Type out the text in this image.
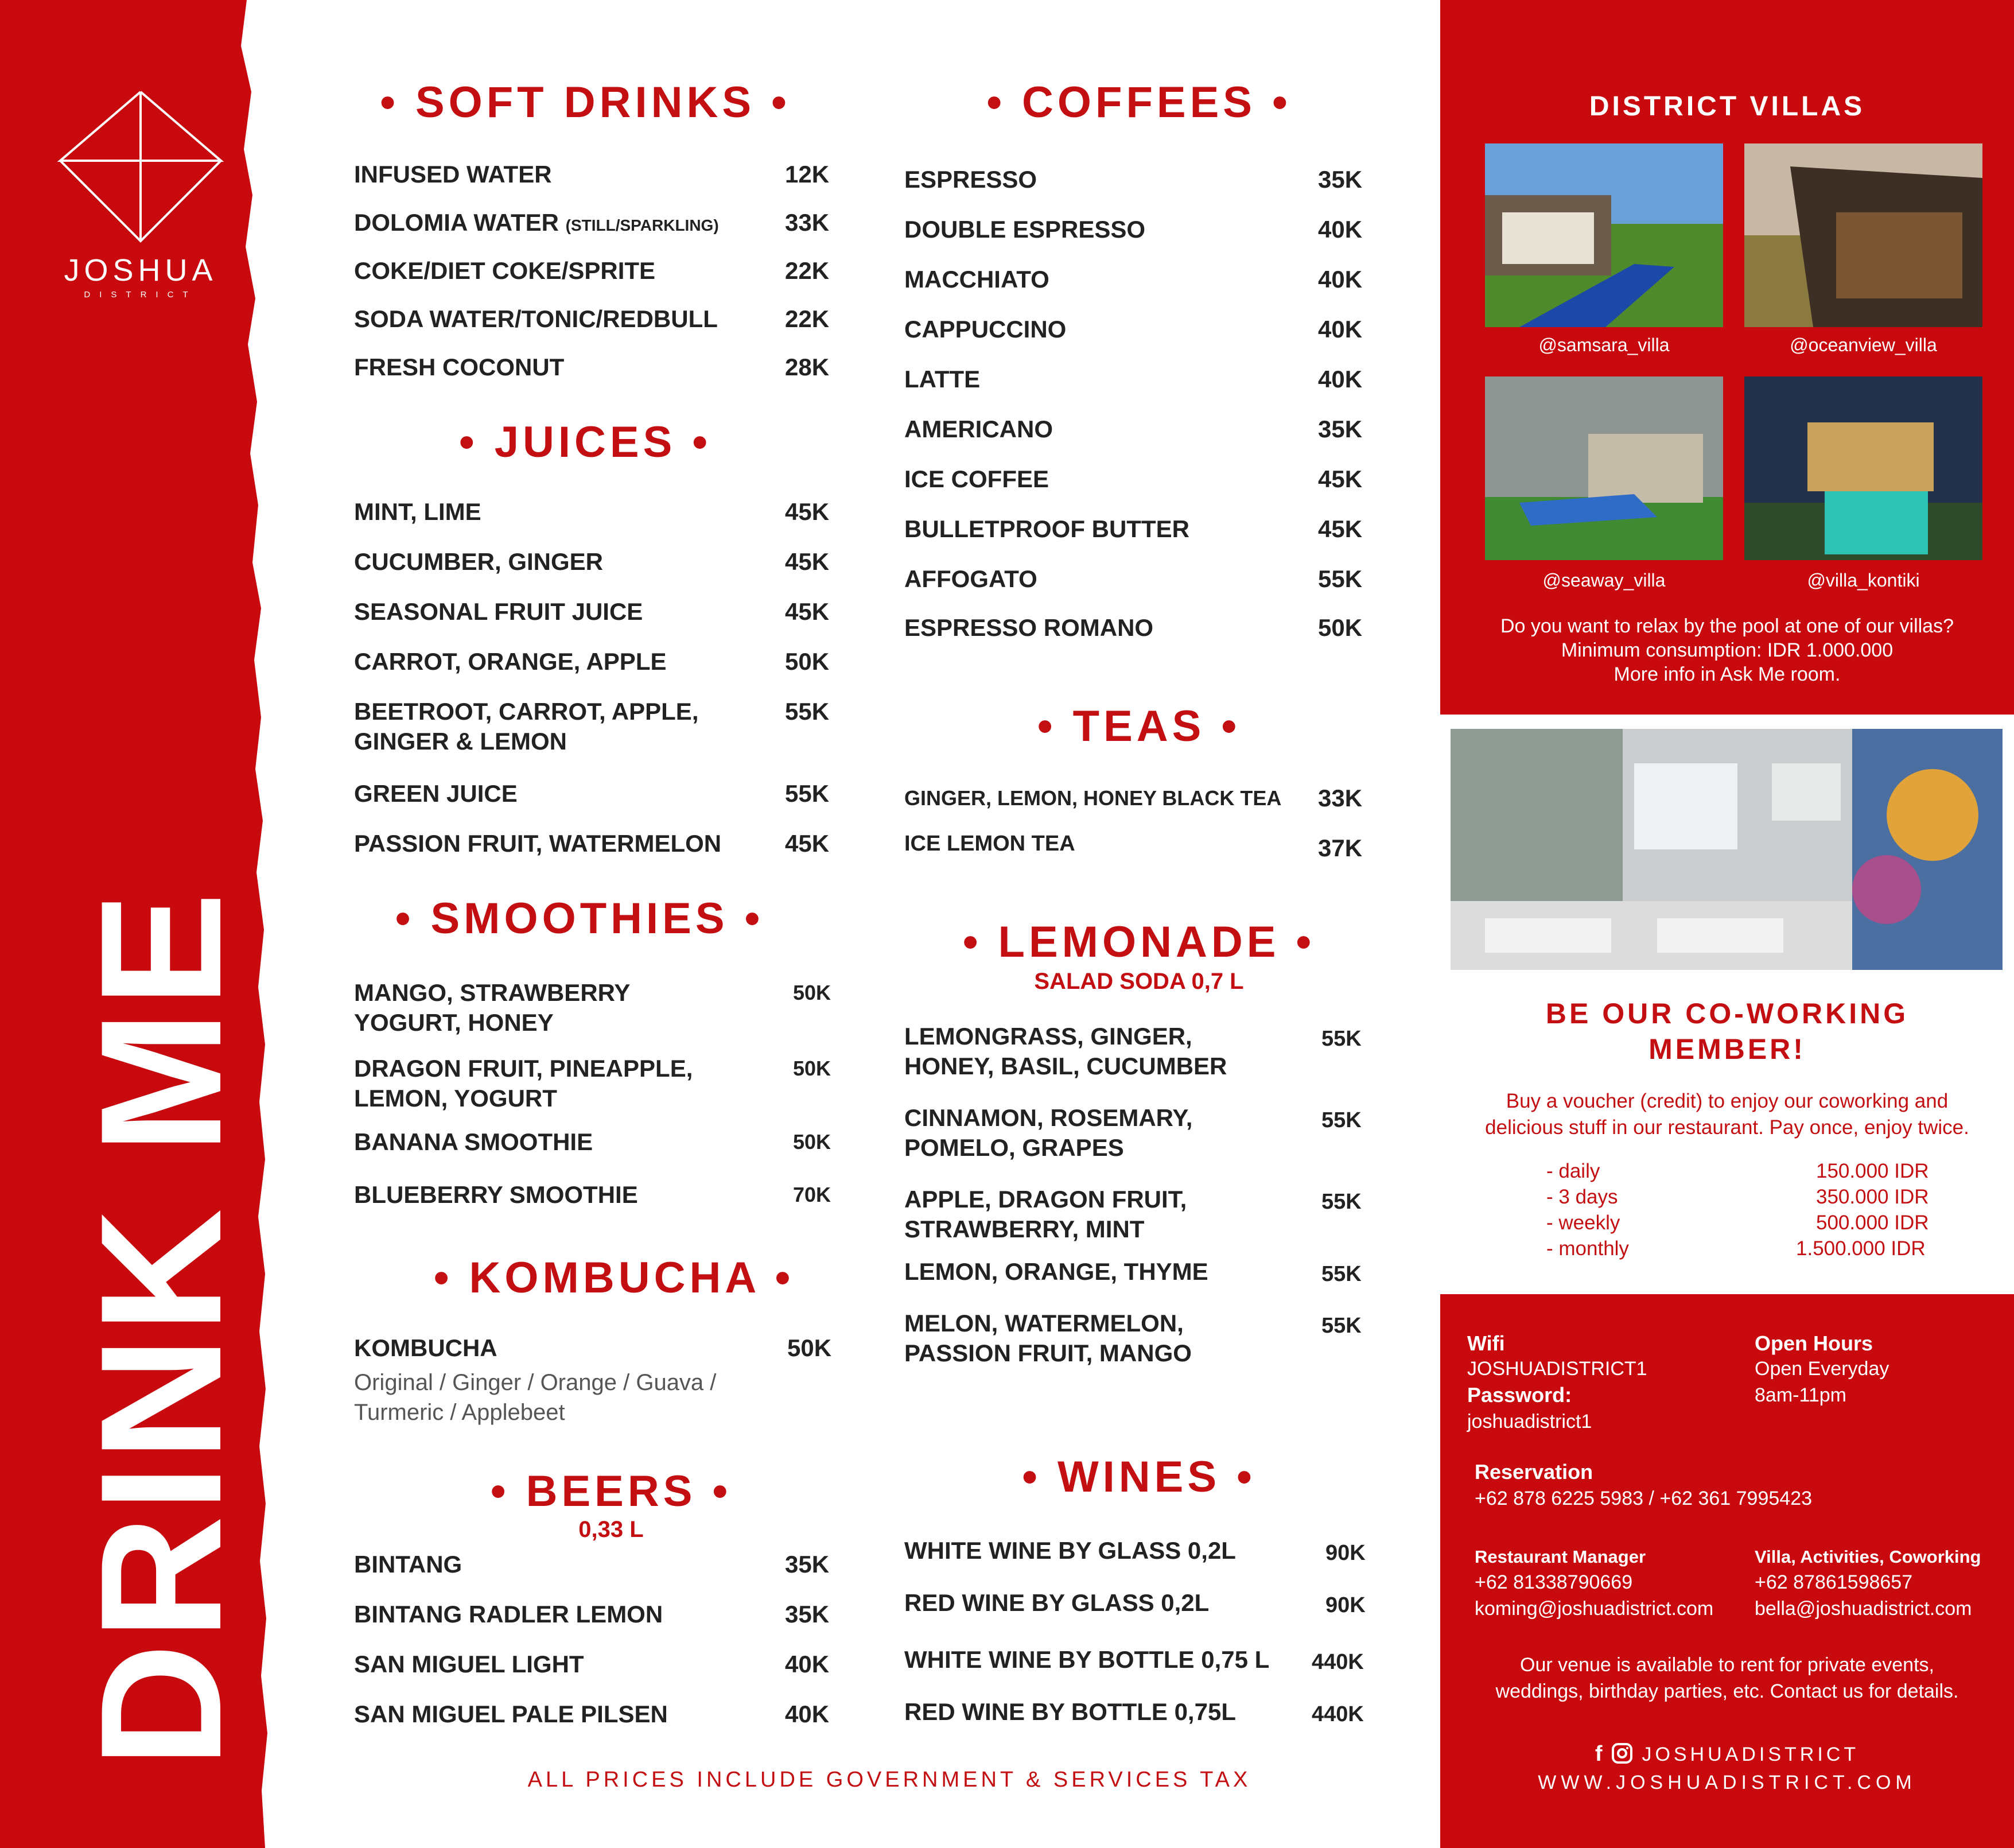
JOSHUA
DISTRICT
DRINK ME
• SOFT DRINKS •
INFUSED WATER	12K
DOLOMIA WATER (STILL/SPARKLING)	33K
COKE/DIET COKE/SPRITE	22K
SODA WATER/TONIC/REDBULL	22K
FRESH COCONUT	28K
• JUICES •
MINT, LIME	45K
CUCUMBER, GINGER	45K
SEASONAL FRUIT JUICE	45K
CARROT, ORANGE, APPLE	50K
BEETROOT, CARROT, APPLE,
GINGER & LEMON
55K
GREEN JUICE	55K
PASSION FRUIT, WATERMELON	45K
• SMOOTHIES •
MANGO, STRAWBERRY
YOGURT, HONEY
50K
DRAGON FRUIT, PINEAPPLE,
LEMON, YOGURT
50K
BANANA SMOOTHIE	50K
BLUEBERRY SMOOTHIE	70K
• KOMBUCHA •
KOMBUCHA	50K
Original / Ginger / Orange / Guava /
Turmeric / Applebeet
• BEERS •
0,33 L
BINTANG	35K
BINTANG RADLER LEMON	35K
SAN MIGUEL LIGHT	40K
SAN MIGUEL PALE PILSEN	40K
• COFFEES •
ESPRESSO	35K
DOUBLE ESPRESSO	40K
MACCHIATO	40K
CAPPUCCINO	40K
LATTE	40K
AMERICANO	35K
ICE COFFEE	45K
BULLETPROOF BUTTER	45K
AFFOGATO	55K
ESPRESSO ROMANO	50K
• TEAS •
GINGER, LEMON, HONEY BLACK TEA 33K
ICE LEMON TEA	37K
• LEMONADE •
SALAD SODA 0,7 L
LEMONGRASS, GINGER,
HONEY, BASIL, CUCUMBER
55K
CINNAMON, ROSEMARY,
POMELO, GRAPES
55K
APPLE, DRAGON FRUIT,
STRAWBERRY, MINT
55K
LEMON, ORANGE, THYME	55K
MELON, WATERMELON,
PASSION FRUIT, MANGO
55K
• WINES •
WHITE WINE BY GLASS 0,2L	90K
RED WINE BY GLASS 0,2L	90K
WHITE WINE BY BOTTLE 0,75 L 440K
RED WINE BY BOTTLE 0,75L	440K
ALL PRICES INCLUDE GOVERNMENT & SERVICES TAX
DISTRICT VILLAS
@samsara_villa	@oceanview_villa
@seaway_villa	@villa_kontiki
Do you want to relax by the pool at one of our villas?
Minimum consumption: IDR 1.000.000
More info in Ask Me room.
BE OUR CO-WORKING
MEMBER!
Buy a voucher (credit) to enjoy our coworking and
delicious stuff in our restaurant. Pay once, enjoy twice.
- daily	150.000 IDR
- 3 days	350.000 IDR
- weekly	500.000 IDR
- monthly	1.500.000 IDR
Wifi
JOSHUADISTRICT1
Password:
joshuadistrict1
Open Hours
Open Everyday
8am-11pm
Reservation
+62 878 6225 5983 / +62 361 7995423
Restaurant Manager
+62 81338790669
koming@joshuadistrict.com
Villa, Activities, Coworking
+62 87861598657
bella@joshuadistrict.com
Our venue is available to rent for private events,
weddings, birthday parties, etc. Contact us for details.
f JOSHUADISTRICT
WWW.JOSHUADISTRICT.COM
